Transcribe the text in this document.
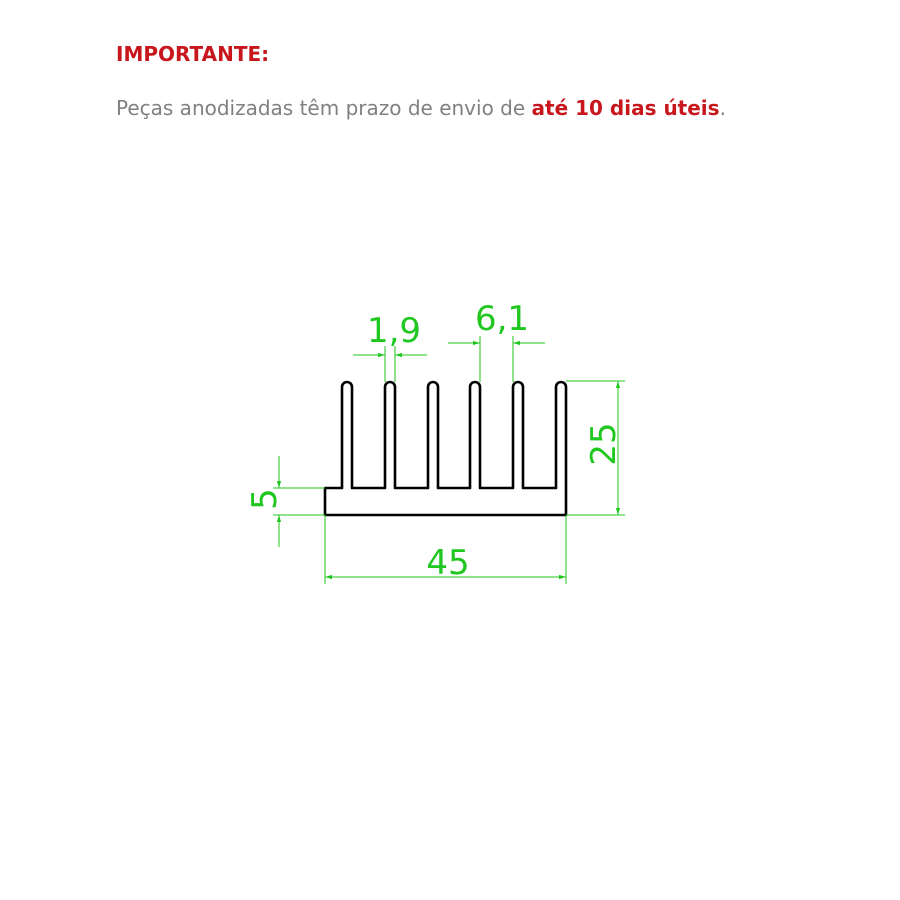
IMPORTANTE:
Peças anodizadas têm prazo de envio de até 10 dias úteis.
1,9 6,1
25
5
45
